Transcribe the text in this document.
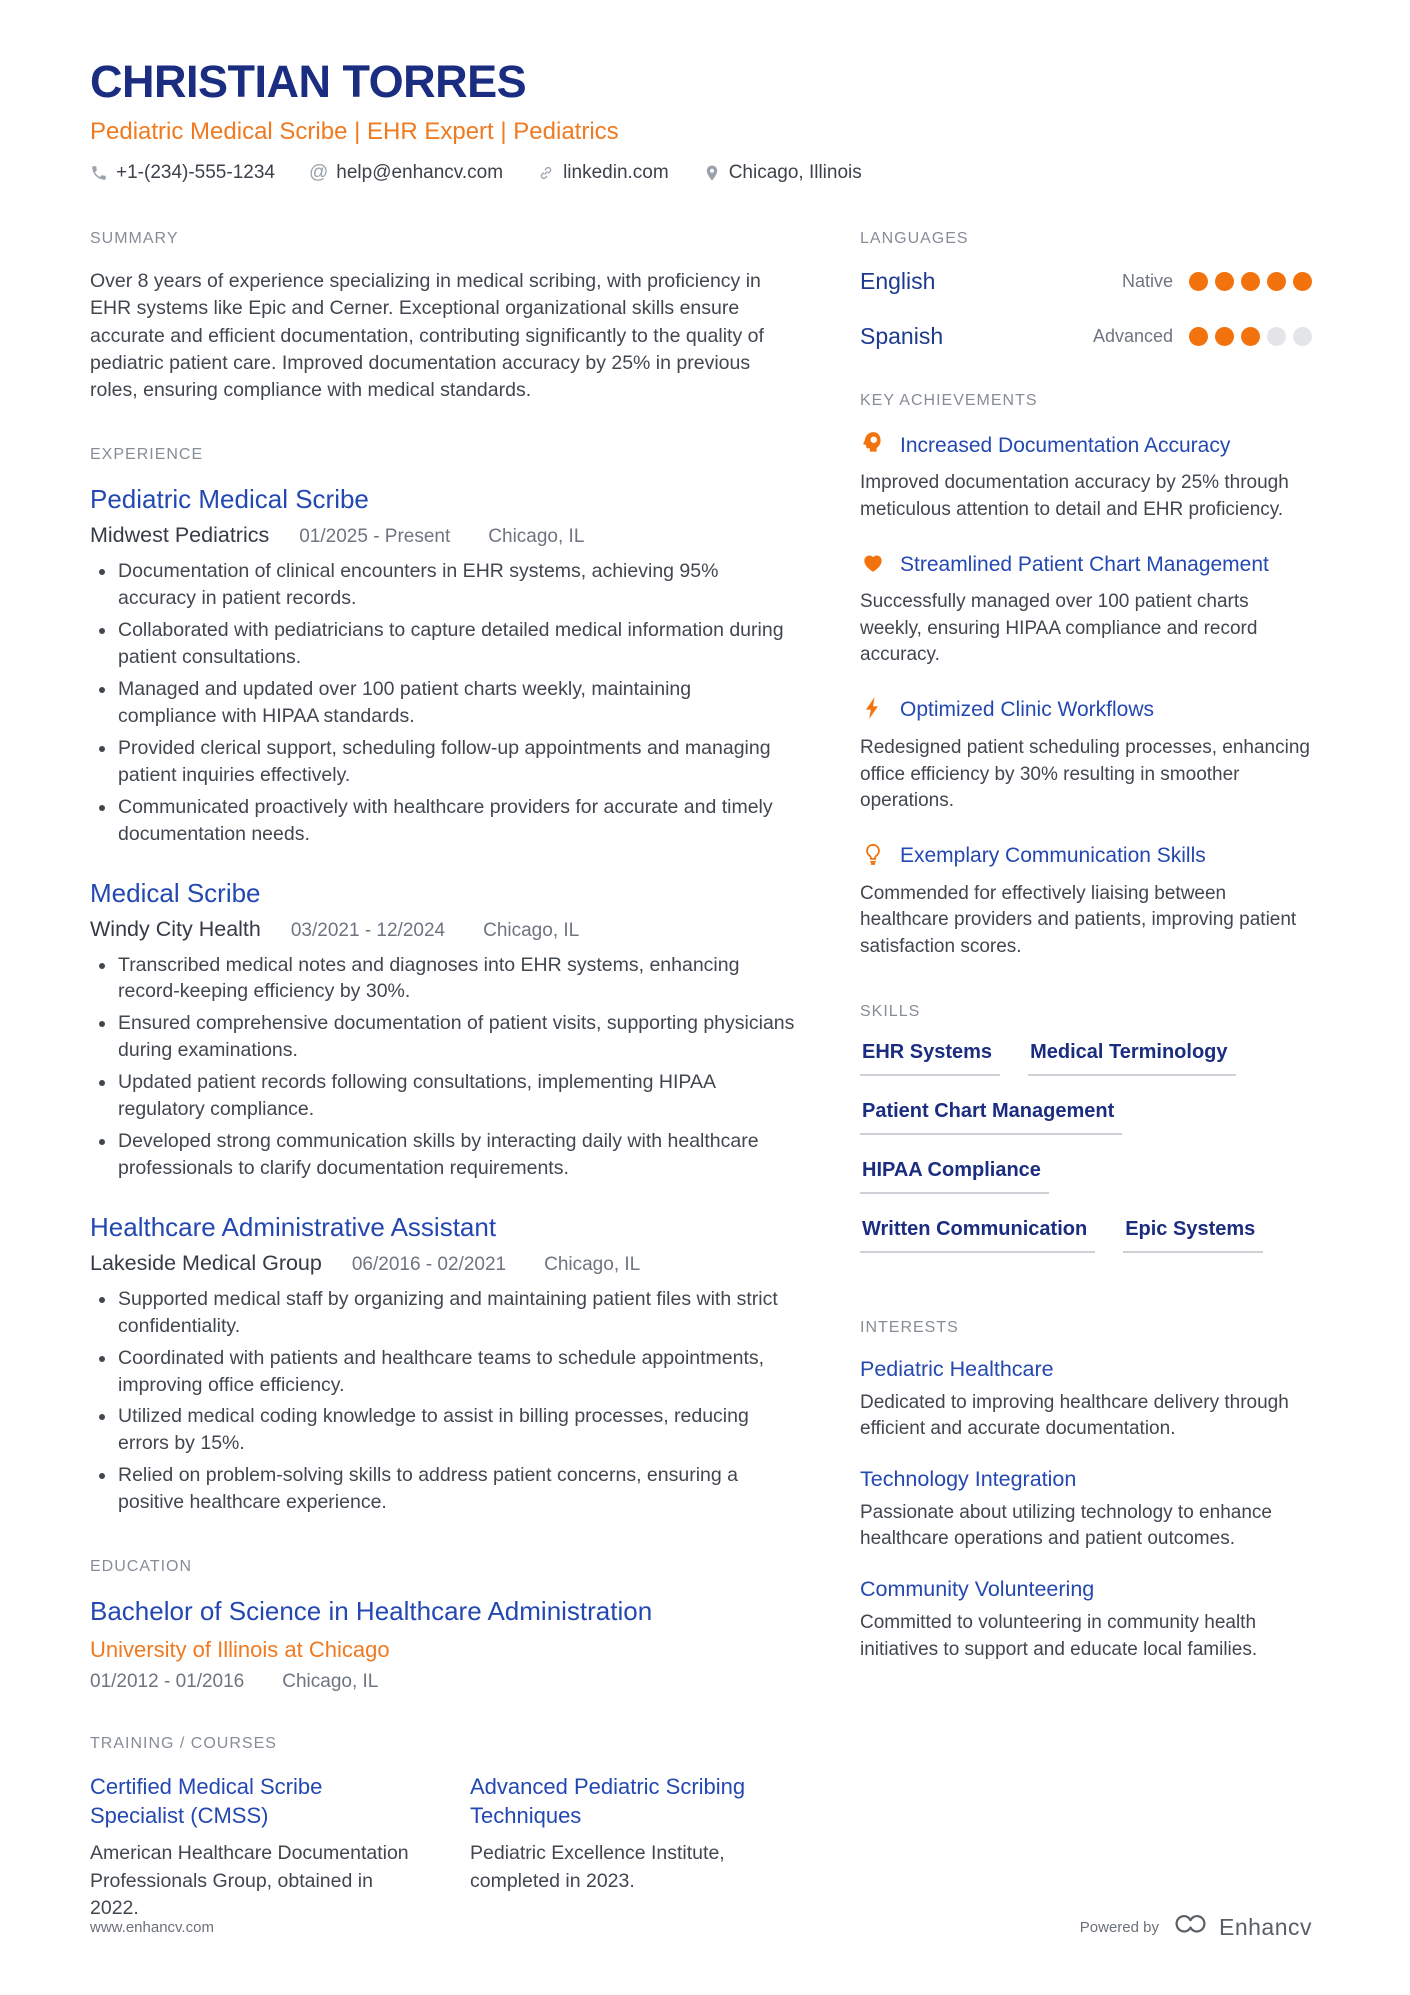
CHRISTIAN TORRES
Pediatric Medical Scribe | EHR Expert | Pediatrics
+1-(234)-555-1234 @ help@enhancv.com	linkedin.com	Chicago, Illinois
SUMMARY

Over 8 years of experience specializing in medical scribing, with proficiency in EHR systems like Epic and Cerner. Exceptional organizational skills ensure accurate and efficient documentation, contributing significantly to the quality of pediatric patient care. Improved documentation accuracy by 25% in previous roles, ensuring compliance with medical standards.

EXPERIENCE
Pediatric Medical Scribe
Midwest Pediatrics 01/2025 - Present Chicago, IL
Documentation of clinical encounters in EHR systems, achieving 95% accuracy in patient records.
Collaborated with pediatricians to capture detailed medical information during patient consultations.
Managed and updated over 100 patient charts weekly, maintaining compliance with HIPAA standards.
Provided clerical support, scheduling follow-up appointments and managing patient inquiries effectively.
Communicated proactively with healthcare providers for accurate and timely documentation needs.
Medical Scribe
Windy City Health 03/2021 - 12/2024 Chicago, IL
Transcribed medical notes and diagnoses into EHR systems, enhancing record-keeping efficiency by 30%.
Ensured comprehensive documentation of patient visits, supporting physicians during examinations.
Updated patient records following consultations, implementing HIPAA regulatory compliance.
Developed strong communication skills by interacting daily with healthcare professionals to clarify documentation requirements.
Healthcare Administrative Assistant
Lakeside Medical Group 06/2016 - 02/2021 Chicago, IL
Supported medical staff by organizing and maintaining patient files with strict confidentiality.
Coordinated with patients and healthcare teams to schedule appointments, improving office efficiency.
Utilized medical coding knowledge to assist in billing processes, reducing errors by 15%.
Relied on problem-solving skills to address patient concerns, ensuring a positive healthcare experience.
EDUCATION
Bachelor of Science in Healthcare Administration
University of Illinois at Chicago
01/2012 - 01/2016 Chicago, IL
TRAINING / COURSES
Certified Medical Scribe Specialist (CMSS)
American Healthcare Documentation Professionals Group, obtained in 2022.
Advanced Pediatric Scribing Techniques
Pediatric Excellence Institute, completed in 2023.
LANGUAGES
English	Native
Spanish	Advanced
KEY ACHIEVEMENTS
Increased Documentation Accuracy

Improved documentation accuracy by 25% through meticulous attention to detail and EHR proficiency.

Streamlined Patient Chart Management

Successfully managed over 100 patient charts weekly, ensuring HIPAA compliance and record accuracy.

Optimized Clinic Workflows

Redesigned patient scheduling processes, enhancing office efficiency by 30% resulting in smoother operations.

Exemplary Communication Skills

Commended for effectively liaising between healthcare providers and patients, improving patient satisfaction scores.

SKILLS
EHR Systems	Medical Terminology
Patient Chart Management
HIPAA Compliance
Written Communication	Epic Systems
INTERESTS
Pediatric Healthcare

Dedicated to improving healthcare delivery through efficient and accurate documentation.

Technology Integration

Passionate about utilizing technology to enhance healthcare operations and patient outcomes.

Community Volunteering

Committed to volunteering in community health initiatives to support and educate local families.

www.enhancv.com	Powered by	Enhancv
